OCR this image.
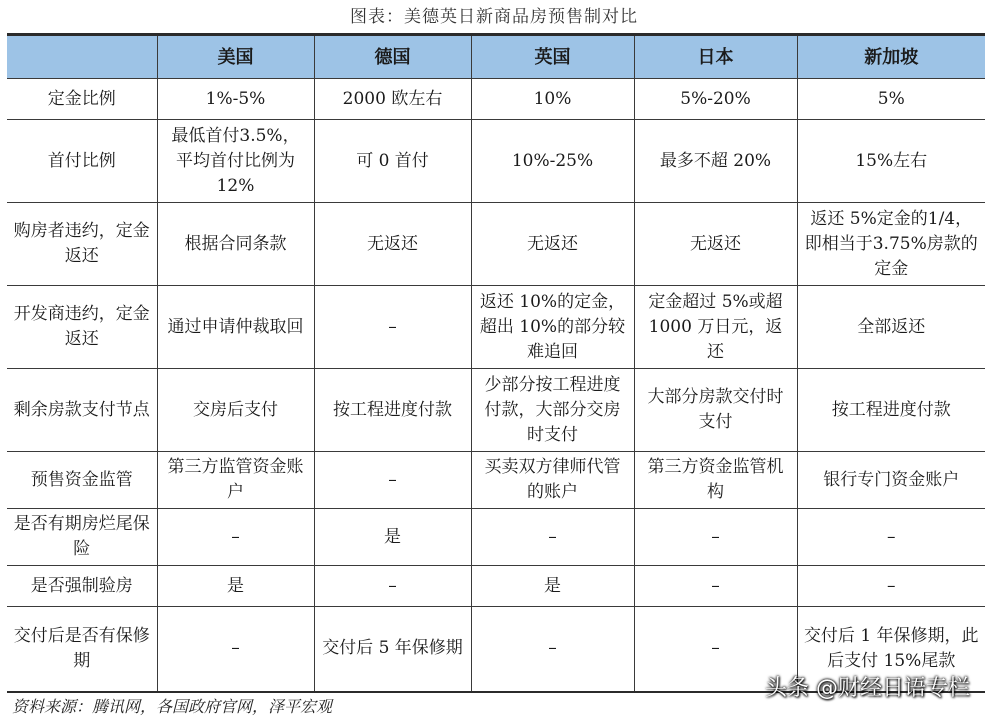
图表：美德英日新商品房预售制对比
	美国	德国	英国	日本	新加坡
定金比例	1%-5%	2000 欧左右	10%	5%-20%	5%
首付比例	最低首付3.5%，平均首付比例为 12%	可 0 首付	10%-25%	最多不超 20%	15%左右
购房者违约，定金返还	根据合同条款	无返还	无返还	无返还	返还 5%定金的1/4，即相当于3.75%房款的定金
开发商违约，定金返还	通过申请仲裁取回	–	返还 10%的定金，超出 10%的部分较难追回	定金超过 5%或超 1000 万日元，返还	全部返还
剩余房款支付节点	交房后支付	按工程进度付款	少部分按工程进度付款，大部分交房时支付	大部分房款交付时支付	按工程进度付款
预售资金监管	第三方监管资金账户	–	买卖双方律师代管的账户	第三方资金监管机构	银行专门资金账户
是否有期房烂尾保险	–	是	–	–	–
是否强制验房	是	–	是	–	–
交付后是否有保修期	–	交付后 5 年保修期	–	–	交付后 1 年保修期，此后支付 15%尾款
资料来源：腾讯网，各国政府官网，泽平宏观
头条 @财经日语专栏
